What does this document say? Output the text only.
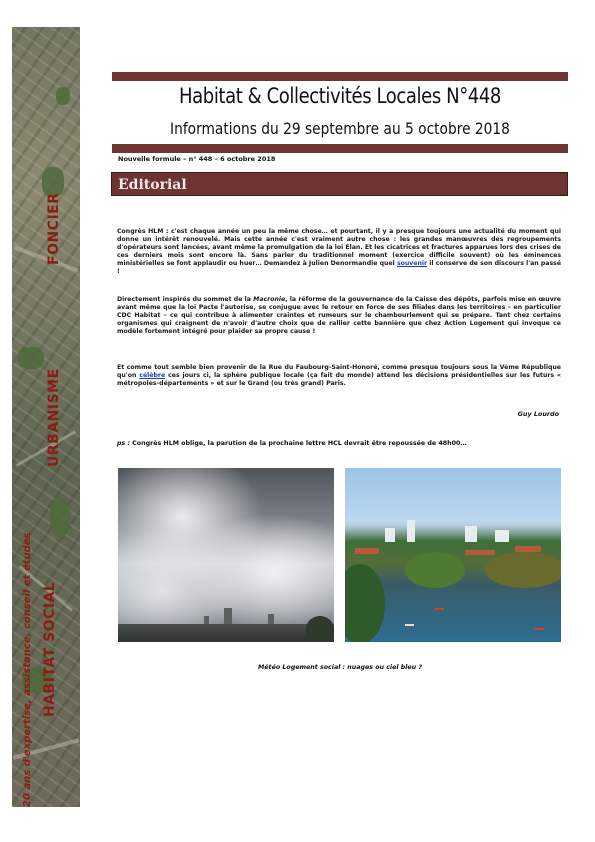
FONCIER
URBANISME
HABITAT SOCIAL
20 ans d'expertise, assistance, conseil et études
Habitat & Collectivités Locales N°448
Informations du 29 septembre au 5 octobre 2018
Nouvelle formule – n° 448 – 6 octobre 2018
Editorial
Congrès HLM : c'est chaque année un peu la même chose… et pourtant, il y a presque toujours une actualité du moment qui donne un intérêt renouvelé. Mais cette année c'est vraiment autre chose : les grandes manœuvres des regroupements d'opérateurs sont lancées, avant même la promulgation de la loi Elan. Et les cicatrices et fractures apparues lors des crises de ces derniers mois sont encore là. Sans parler du traditionnel moment (exercice difficile souvent) où les éminences ministérielles se font applaudir ou huer… Demandez à Julien Denormandie quel souvenir il conserve de son discours l'an passé !
Directement inspirés du sommet de la Macronie, la réforme de la gouvernance de la Caisse des dépôts, parfois mise en œuvre avant même que la loi Pacte l'autorise, se conjugue avec le retour en force de ses filiales dans les territoires – en particulier CDC Habitat – ce qui contribue à alimenter craintes et rumeurs sur le chambourlement qui se prépare. Tant chez certains organismes qui craignent de n'avoir d'autre choix que de rallier cette bannière que chez Action Logement qui invoque ce modèle fortement intégré pour plaider sa propre cause !
Et comme tout semble bien provenir de la Rue du Faubourg-Saint-Honoré, comme presque toujours sous la Vème République qu'on célèbre ces jours ci, la sphère publique locale (ça fait du monde) attend les décisions présidentielles sur les futurs « métropoles-départements » et sur le Grand (ou très grand) Paris.
Guy Lourdo
ps : Congrès HLM oblige, la parution de la prochaine lettre HCL devrait être repoussée de 48h00…
Météo Logement social : nuages ou ciel bleu ?
